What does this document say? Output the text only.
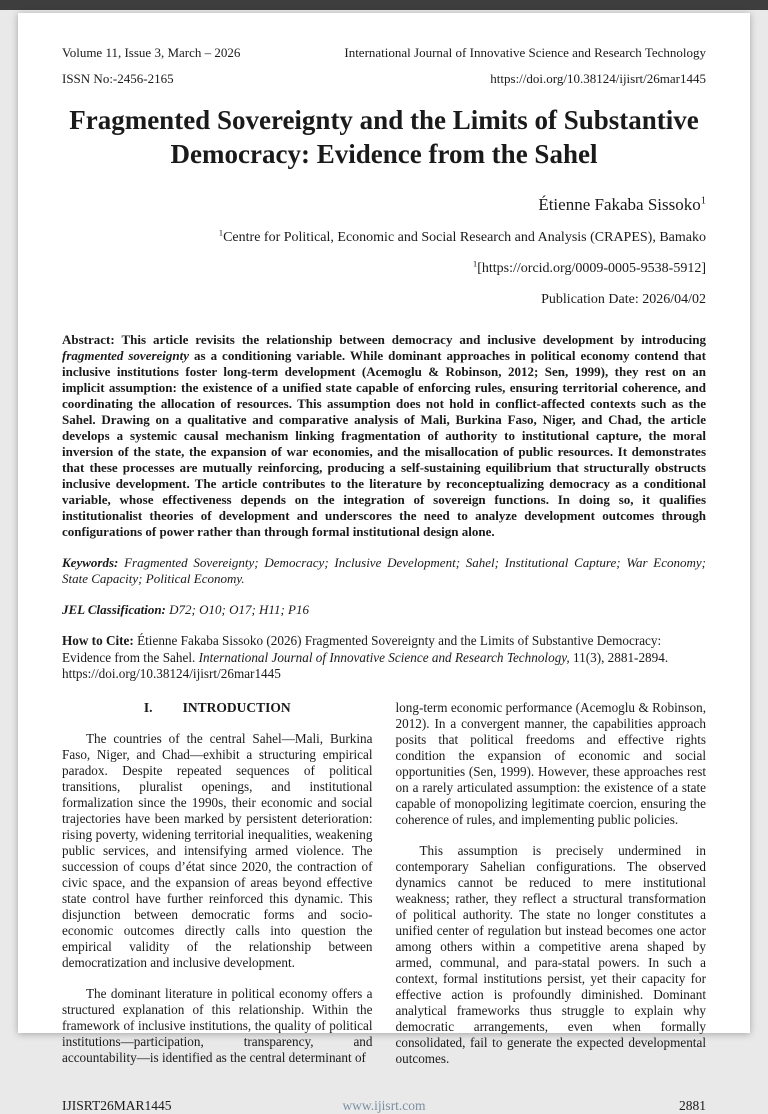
Volume 11, Issue 3, March – 2026	International Journal of Innovative Science and Research Technology
ISSN No:-2456-2165	https://doi.org/10.38124/ijisrt/26mar1445
Fragmented Sovereignty and the Limits of Substantive Democracy: Evidence from the Sahel
Étienne Fakaba Sissoko$^1$
$^1$Centre for Political, Economic and Social Research and Analysis (CRAPES), Bamako
$^1$[https://orcid.org/0009-0005-9538-5912]
Publication Date: 2026/04/02
Abstract: This article revisits the relationship between democracy and inclusive development by introducing fragmented sovereignty as a conditioning variable. While dominant approaches in political economy contend that inclusive institutions foster long-term development (Acemoglu & Robinson, 2012; Sen, 1999), they rest on an implicit assumption: the existence of a unified state capable of enforcing rules, ensuring territorial coherence, and coordinating the allocation of resources. This assumption does not hold in conflict-affected contexts such as the Sahel. Drawing on a qualitative and comparative analysis of Mali, Burkina Faso, Niger, and Chad, the article develops a systemic causal mechanism linking fragmentation of authority to institutional capture, the moral inversion of the state, the expansion of war economies, and the misallocation of public resources. It demonstrates that these processes are mutually reinforcing, producing a self-sustaining equilibrium that structurally obstructs inclusive development. The article contributes to the literature by reconceptualizing democracy as a conditional variable, whose effectiveness depends on the integration of sovereign functions. In doing so, it qualifies institutionalist theories of development and underscores the need to analyze development outcomes through configurations of power rather than through formal institutional design alone.
Keywords: Fragmented Sovereignty; Democracy; Inclusive Development; Sahel; Institutional Capture; War Economy; State Capacity; Political Economy.
JEL Classification: D72; O10; O17; H11; P16
How to Cite: Étienne Fakaba Sissoko (2026) Fragmented Sovereignty and the Limits of Substantive Democracy: Evidence from the Sahel. International Journal of Innovative Science and Research Technology, 11(3), 2881-2894.
https://doi.org/10.38124/ijisrt/26mar1445
I. INTRODUCTION

The countries of the central Sahel—Mali, Burkina Faso, Niger, and Chad—exhibit a structuring empirical paradox. Despite repeated sequences of political transitions, pluralist openings, and institutional formalization since the 1990s, their economic and social trajectories have been marked by persistent deterioration: rising poverty, widening territorial inequalities, weakening public services, and intensifying armed violence. The succession of coups d’état since 2020, the contraction of civic space, and the expansion of areas beyond effective state control have further reinforced this dynamic. This disjunction between democratic forms and socio-economic outcomes directly calls into question the empirical validity of the relationship between democratization and inclusive development.

The dominant literature in political economy offers a structured explanation of this relationship. Within the framework of inclusive institutions, the quality of political institutions—participation, transparency, and accountability—is identified as the central determinant of

long-term economic performance (Acemoglu & Robinson, 2012). In a convergent manner, the capabilities approach posits that political freedoms and effective rights condition the expansion of economic and social opportunities (Sen, 1999). However, these approaches rest on a rarely articulated assumption: the existence of a state capable of monopolizing legitimate coercion, ensuring the coherence of rules, and implementing public policies.

This assumption is precisely undermined in contemporary Sahelian configurations. The observed dynamics cannot be reduced to mere institutional weakness; rather, they reflect a structural transformation of political authority. The state no longer constitutes a unified center of regulation but instead becomes one actor among others within a competitive arena shaped by armed, communal, and para-statal powers. In such a context, formal institutions persist, yet their capacity for effective action is profoundly diminished. Dominant analytical frameworks thus struggle to explain why democratic arrangements, even when formally consolidated, fail to generate the expected developmental outcomes.

IJISRT26MAR1445	www.ijisrt.com	2881
